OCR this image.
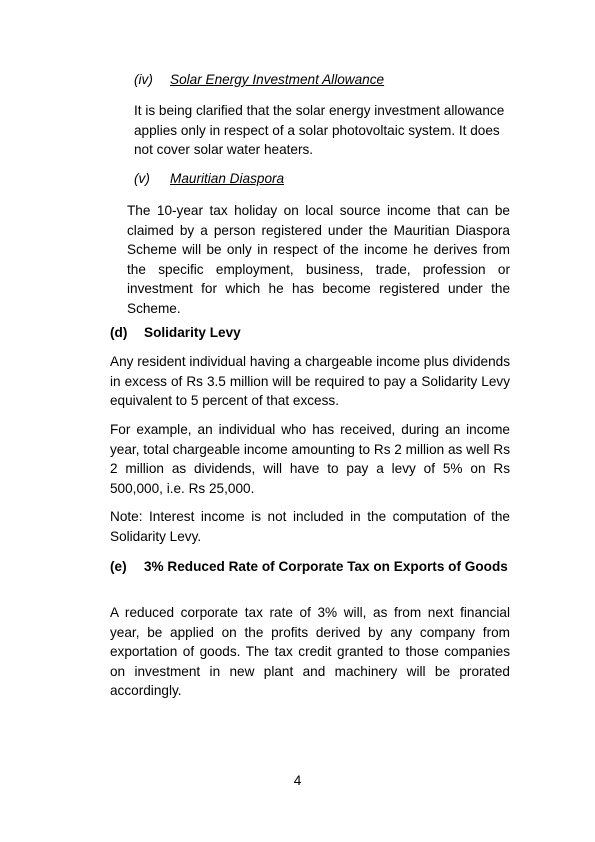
(iv) Solar Energy Investment Allowance
It is being clarified that the solar energy investment allowance applies only in respect of a solar photovoltaic system. It does not cover solar water heaters.
(v) Mauritian Diaspora
The 10-year tax holiday on local source income that can be claimed by a person registered under the Mauritian Diaspora Scheme will be only in respect of the income he derives from the specific employment, business, trade, profession or investment for which he has become registered under the Scheme.
(d) Solidarity Levy
Any resident individual having a chargeable income plus dividends in excess of Rs 3.5 million will be required to pay a Solidarity Levy equivalent to 5 percent of that excess.
For example, an individual who has received, during an income year, total chargeable income amounting to Rs 2 million as well Rs 2 million as dividends, will have to pay a levy of 5% on Rs 500,000, i.e. Rs 25,000.
Note: Interest income is not included in the computation of the Solidarity Levy.
(e) 3% Reduced Rate of Corporate Tax on Exports of Goods
A reduced corporate tax rate of 3% will, as from next financial year, be applied on the profits derived by any company from exportation of goods. The tax credit granted to those companies on investment in new plant and machinery will be prorated accordingly.
4
